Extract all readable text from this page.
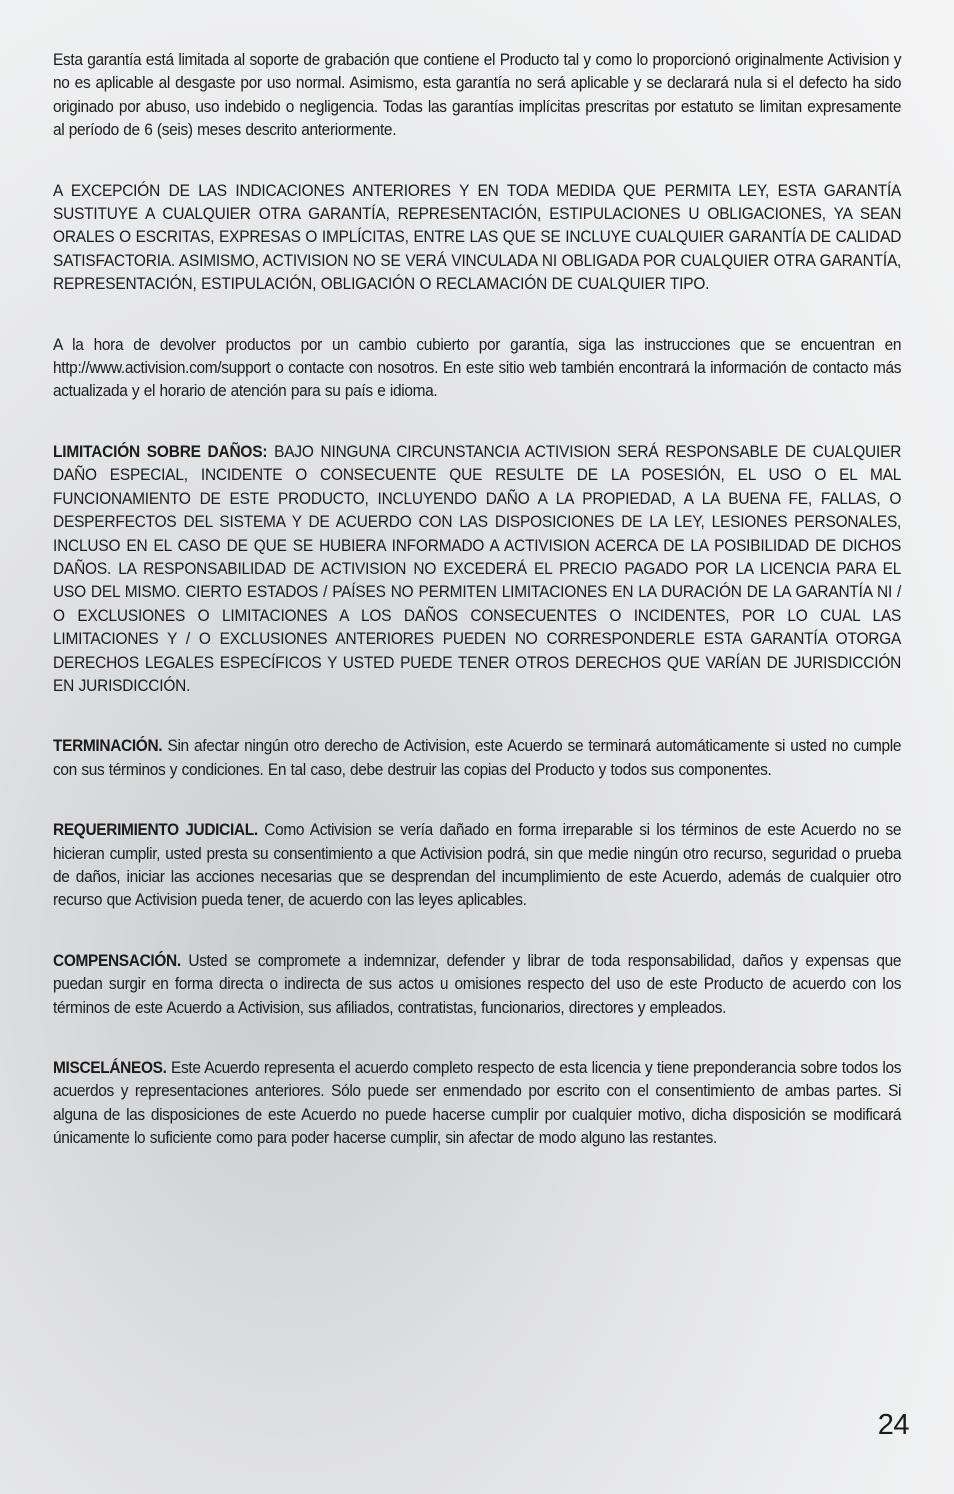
Esta garantía está limitada al soporte de grabación que contiene el Producto tal y como lo proporcionó originalmente Activision y no es aplicable al desgaste por uso normal. Asimismo, esta garantía no será aplicable y se declarará nula si el defecto ha sido originado por abuso, uso indebido o negligencia. Todas las garantías implícitas prescritas por estatuto se limitan expresamente al período de 6 (seis) meses descrito anteriormente.

A EXCEPCIÓN DE LAS INDICACIONES ANTERIORES Y EN TODA MEDIDA QUE PERMITA LEY, ESTA GARANTÍA SUSTITUYE A CUALQUIER OTRA GARANTÍA, REPRESENTACIÓN, ESTIPULACIONES U OBLIGACIONES, YA SEAN ORALES O ESCRITAS, EXPRESAS O IMPLÍCITAS, ENTRE LAS QUE SE INCLUYE CUALQUIER GARANTÍA DE CALIDAD SATISFACTORIA. ASIMISMO, ACTIVISION NO SE VERÁ VINCULADA NI OBLIGADA POR CUALQUIER OTRA GARANTÍA, REPRESENTACIÓN, ESTIPULACIÓN, OBLIGACIÓN O RECLAMACIÓN DE CUALQUIER TIPO.

A la hora de devolver productos por un cambio cubierto por garantía, siga las instrucciones que se encuentran en http://www.activision.com/support o contacte con nosotros. En este sitio web también encontrará la información de contacto más actualizada y el horario de atención para su país e idioma.

LIMITACIÓN SOBRE DAÑOS: BAJO NINGUNA CIRCUNSTANCIA ACTIVISION SERÁ RESPONSABLE DE CUALQUIER DAÑO ESPECIAL, INCIDENTE O CONSECUENTE QUE RESULTE DE LA POSESIÓN, EL USO O EL MAL FUNCIONAMIENTO DE ESTE PRODUCTO, INCLUYENDO DAÑO A LA PROPIEDAD, A LA BUENA FE, FALLAS, O DESPERFECTOS DEL SISTEMA Y DE ACUERDO CON LAS DISPOSICIONES DE LA LEY, LESIONES PERSONALES, INCLUSO EN EL CASO DE QUE SE HUBIERA INFORMADO A ACTIVISION ACERCA DE LA POSIBILIDAD DE DICHOS DAÑOS. LA RESPONSABILIDAD DE ACTIVISION NO EXCEDERÁ EL PRECIO PAGADO POR LA LICENCIA PARA EL USO DEL MISMO. CIERTO ESTADOS / PAÍSES NO PERMITEN LIMITACIONES EN LA DURACIÓN DE LA GARANTÍA NI / O EXCLUSIONES O LIMITACIONES A LOS DAÑOS CONSECUENTES O INCIDENTES, POR LO CUAL LAS LIMITACIONES Y / O EXCLUSIONES ANTERIORES PUEDEN NO CORRESPONDERLE ESTA GARANTÍA OTORGA DERECHOS LEGALES ESPECÍFICOS Y USTED PUEDE TENER OTROS DERECHOS QUE VARÍAN DE JURISDICCIÓN EN JURISDICCIÓN.

TERMINACIÓN. Sin afectar ningún otro derecho de Activision, este Acuerdo se terminará automáticamente si usted no cumple con sus términos y condiciones. En tal caso, debe destruir las copias del Producto y todos sus componentes.

REQUERIMIENTO JUDICIAL. Como Activision se vería dañado en forma irreparable si los términos de este Acuerdo no se hicieran cumplir, usted presta su consentimiento a que Activision podrá, sin que medie ningún otro recurso, seguridad o prueba de daños, iniciar las acciones necesarias que se desprendan del incumplimiento de este Acuerdo, además de cualquier otro recurso que Activision pueda tener, de acuerdo con las leyes aplicables.

COMPENSACIÓN. Usted se compromete a indemnizar, defender y librar de toda responsabilidad, daños y expensas que puedan surgir en forma directa o indirecta de sus actos u omisiones respecto del uso de este Producto de acuerdo con los términos de este Acuerdo a Activision, sus afiliados, contratistas, funcionarios, directores y empleados.

MISCELÁNEOS. Este Acuerdo representa el acuerdo completo respecto de esta licencia y tiene preponderancia sobre todos los acuerdos y representaciones anteriores. Sólo puede ser enmendado por escrito con el consentimiento de ambas partes. Si alguna de las disposiciones de este Acuerdo no puede hacerse cumplir por cualquier motivo, dicha disposición se modificará únicamente lo suficiente como para poder hacerse cumplir, sin afectar de modo alguno las restantes.

24
